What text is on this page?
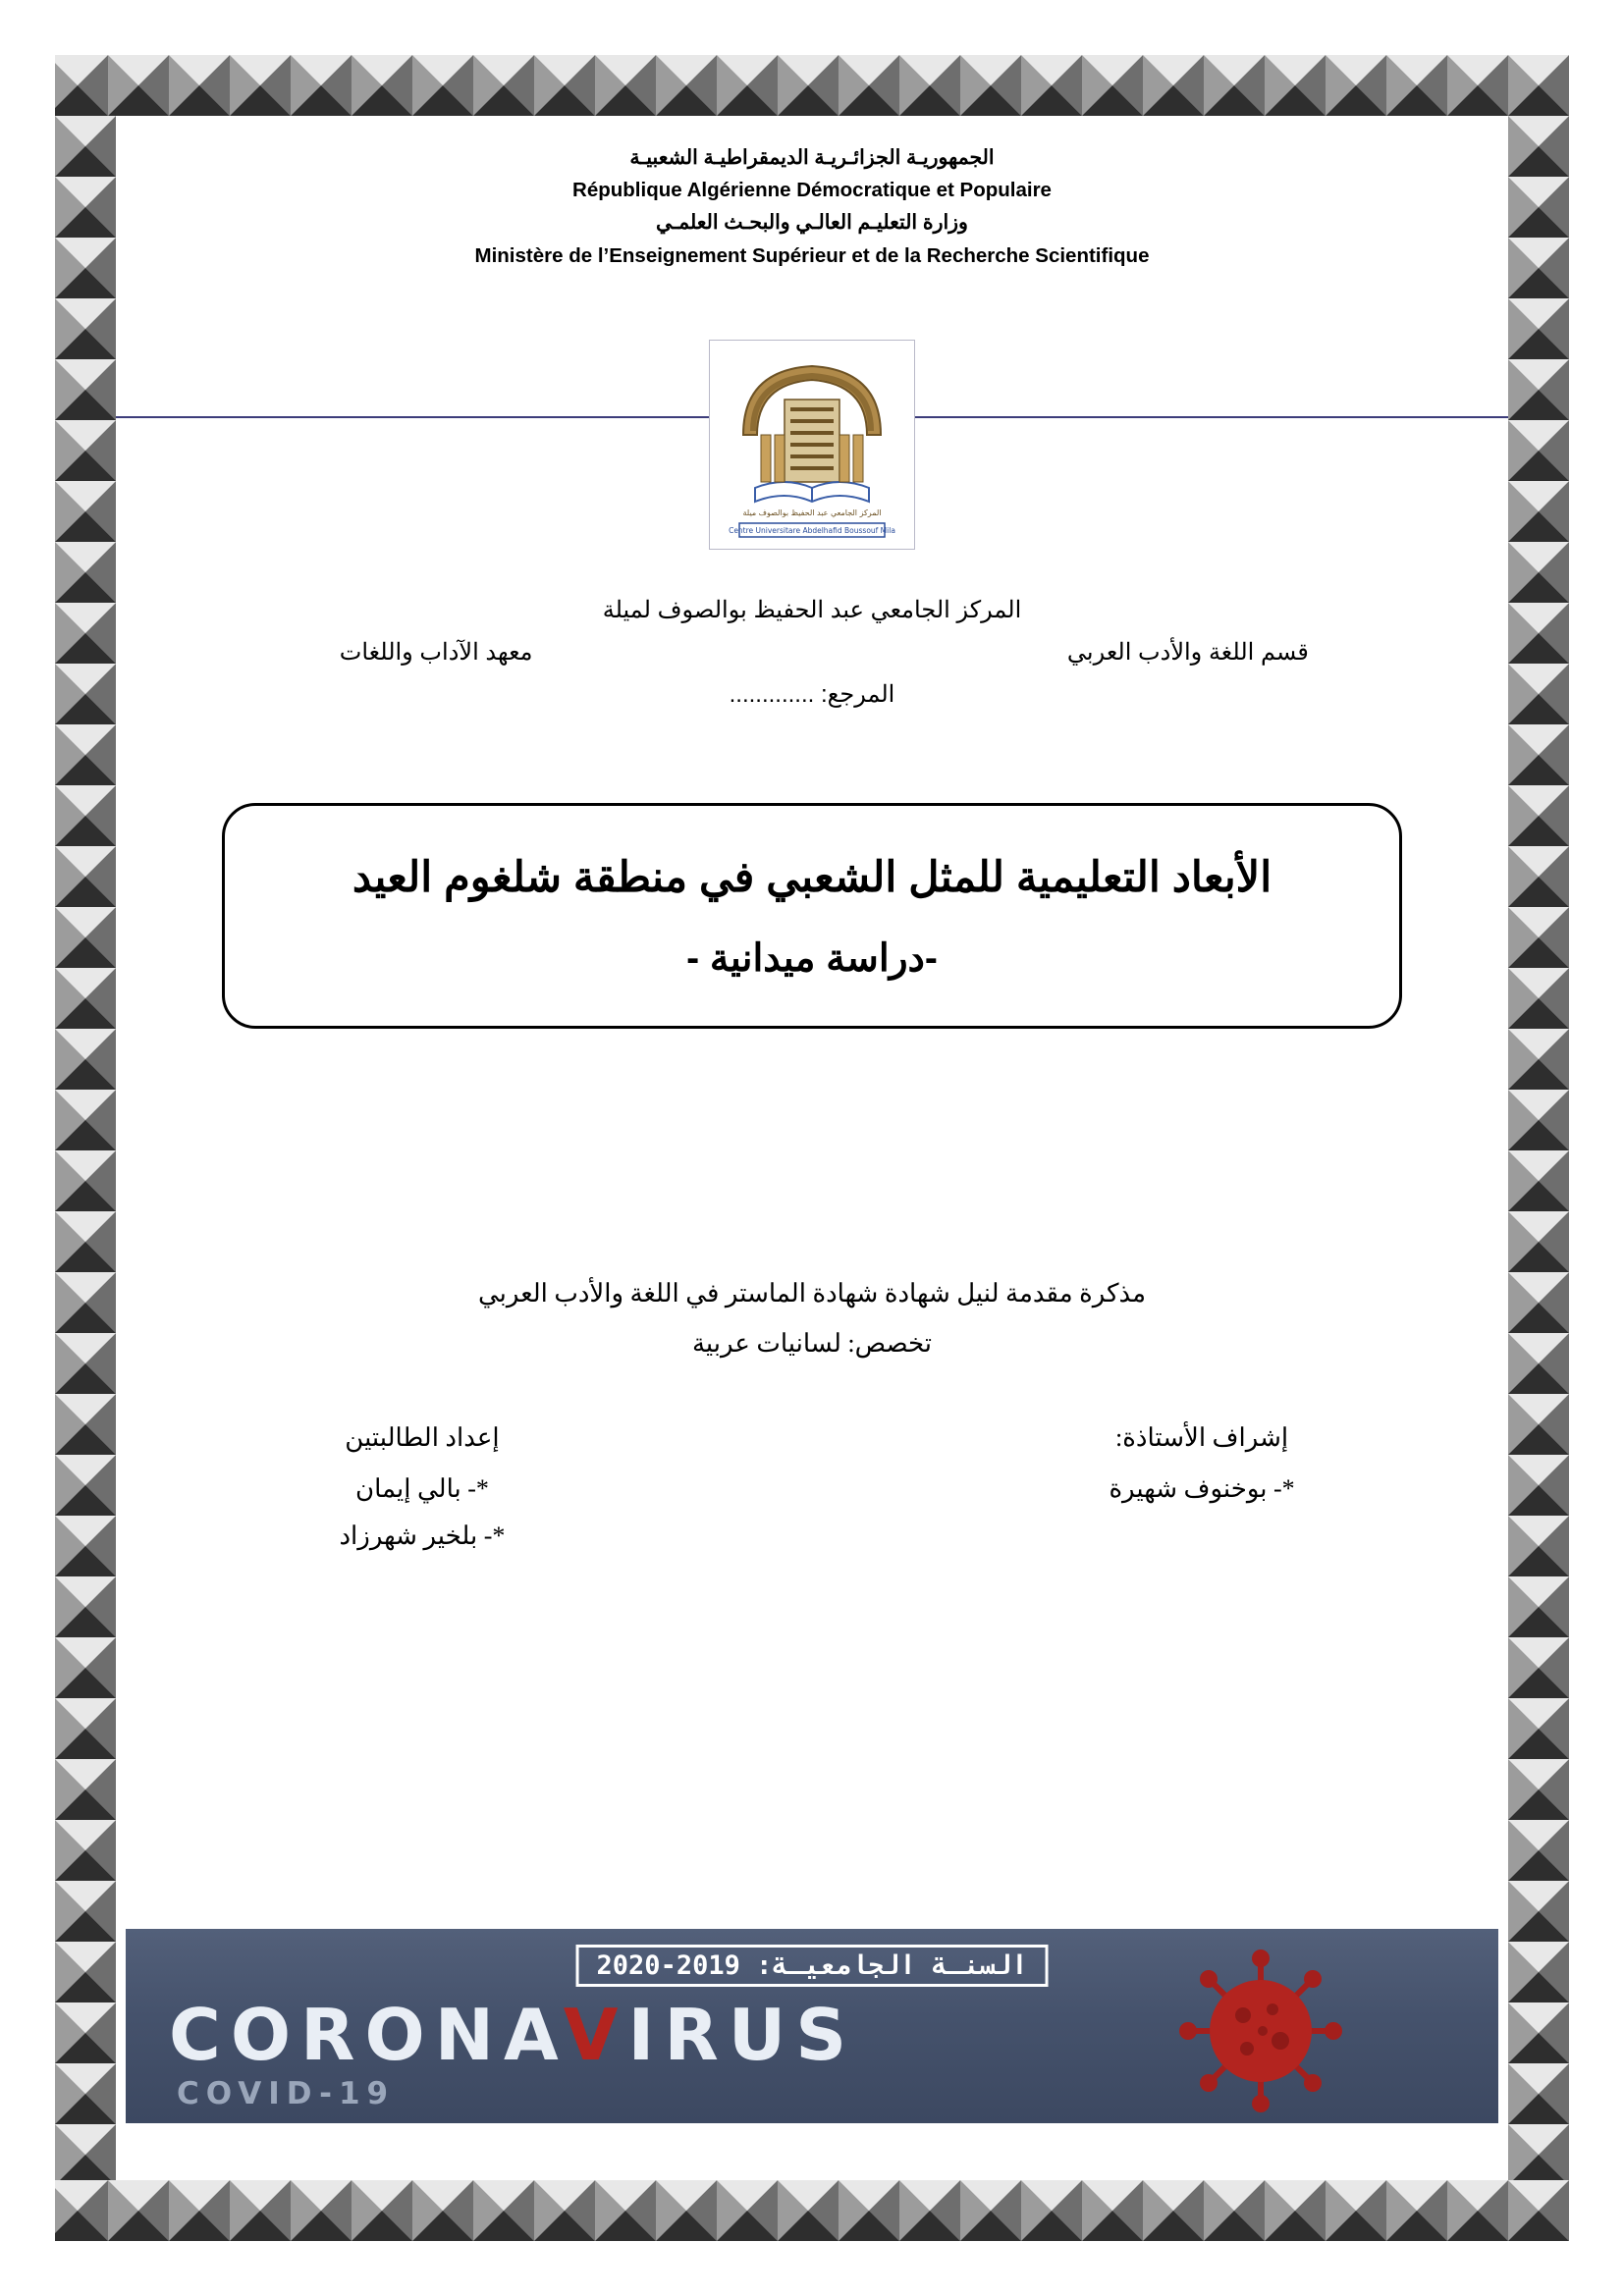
الجمهوريـة الجزائـريـة الديمقراطيـة الشعبيـة

République Algérienne Démocratique et Populaire

وزارة التعليـم العالـي والبحـث العلمـي

Ministère de l’Enseignement Supérieur et de la Recherche Scientifique

المركز الجامعي عبد الحفيظ بوالصوف ميلة
Centre Universitare Abdelhafid Boussouf Mila
المركز الجامعي عبد الحفيظ بوالصوف لميلة
قسم اللغة والأدب العربي
معهد الآداب واللغات
المرجع: .............

الأبعاد التعليمية للمثل الشعبي في منطقة شلغوم العيد

-دراسة ميدانية -

مذكرة مقدمة لنيل شهادة شهادة الماستر في اللغة والأدب العربي
تخصص: لسانيات عربية
إشراف الأستاذة:
*- بوخنوف شهيرة
إعداد الطالبتين
*- بالي إيمان
*- بلخير شهرزاد
السنـة الجامعيـة: 2019-2020
CORONAVIRUS
COVID-19
